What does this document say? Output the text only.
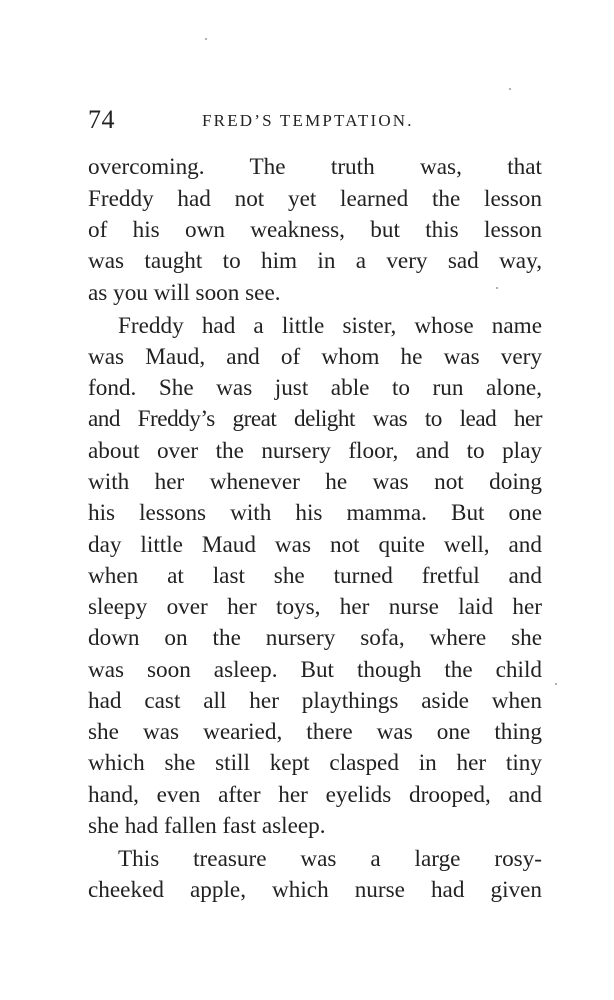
74	FRED’S TEMPTATION.
overcoming. The truth was, that
Freddy had not yet learned the lesson
of his own weakness, but this lesson
was taught to him in a very sad way,
as you will soon see.
Freddy had a little sister, whose name
was Maud, and of whom he was very
fond. She was just able to run alone,
and Freddy’s great delight was to lead her
about over the nursery floor, and to play
with her whenever he was not doing
his lessons with his mamma. But one
day little Maud was not quite well, and
when at last she turned fretful and
sleepy over her toys, her nurse laid her
down on the nursery sofa, where she
was soon asleep. But though the child
had cast all her playthings aside when
she was wearied, there was one thing
which she still kept clasped in her tiny
hand, even after her eyelids drooped, and
she had fallen fast asleep.
This treasure was a large rosy-
cheeked apple, which nurse had given
